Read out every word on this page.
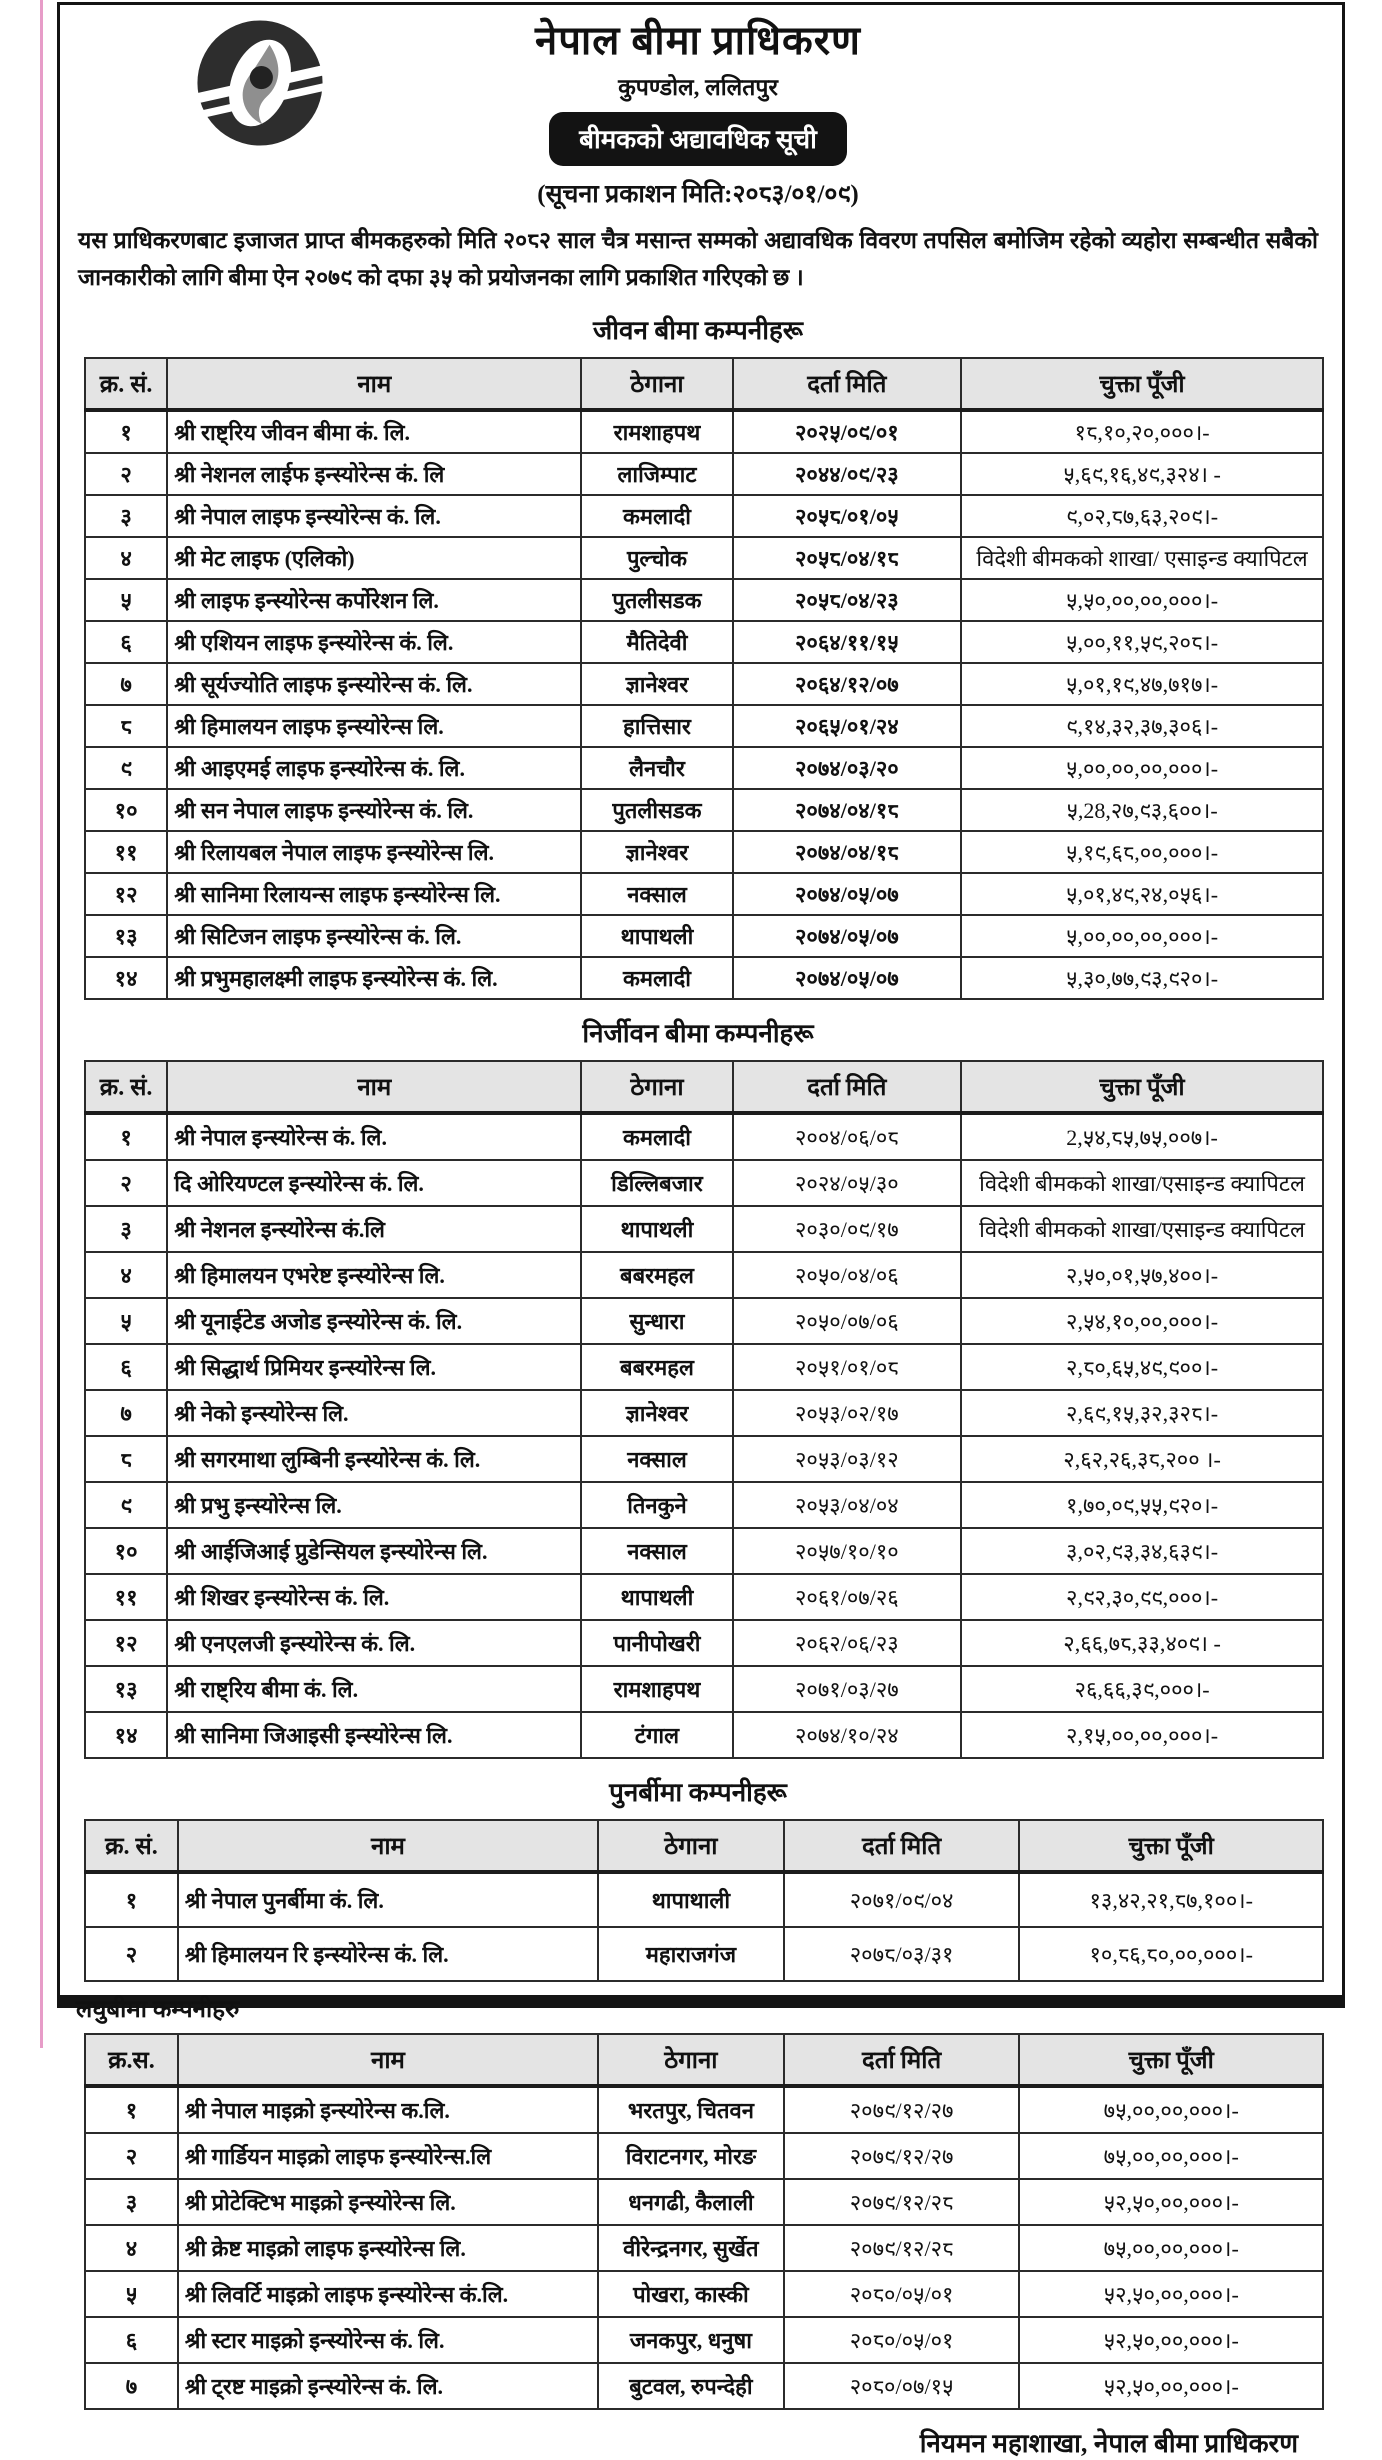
नेपाल बीमा प्राधिकरण
कुपण्डोल, ललितपुर
बीमकको अद्यावधिक सूची
(सूचना प्रकाशन मिति:२०८३/०१/०९)

यस प्राधिकरणबाट इजाजत प्राप्त बीमकहरुको मिति २०८२ साल चैत्र मसान्त सम्मको अद्यावधिक विवरण तपसिल बमोजिम रहेको व्यहोरा सम्बन्धीत सबैको जानकारीको लागि बीमा ऐन २०७९ को दफा ३५ को प्रयोजनका लागि प्रकाशित गरिएको छ ।

जीवन बीमा कम्पनीहरू
क्र. सं.	नाम	ठेगाना	दर्ता मिति	चुक्ता पूँजी
१	श्री राष्ट्रिय जीवन बीमा कं. लि.	रामशाहपथ	२०२५/०९/०१	१८,१०,२०,०००।-
२	श्री नेशनल लाईफ इन्स्योरेन्स कं. लि	लाजिम्पाट	२०४४/०९/२३	५,६९,१६,४९,३२४। -
३	श्री नेपाल लाइफ इन्स्योरेन्स कं. लि.	कमलादी	२०५८/०१/०५	९,०२,८७,६३,२०९।-
४	श्री मेट लाइफ (एलिको)	पुल्चोक	२०५८/०४/१८	विदेशी बीमकको शाखा/ एसाइन्ड क्यापिटल
५	श्री लाइफ इन्स्योरेन्स कर्पोरेशन लि.	पुतलीसडक	२०५८/०४/२३	५,५०,००,००,०००।-
६	श्री एशियन लाइफ इन्स्योरेन्स कं. लि.	मैतिदेवी	२०६४/११/१५	५,००,११,५९,२०८।-
७	श्री सूर्यज्योति लाइफ इन्स्योरेन्स कं. लि.	ज्ञानेश्वर	२०६४/१२/०७	५,०१,१९,४७,७१७।-
८	श्री हिमालयन लाइफ इन्स्योरेन्स लि.	हात्तिसार	२०६५/०१/२४	९,१४,३२,३७,३०६।-
९	श्री आइएमई लाइफ इन्स्योरेन्स कं. लि.	लैनचौर	२०७४/०३/२०	५,००,००,००,०००।-
१०	श्री सन नेपाल लाइफ इन्स्योरेन्स कं. लि.	पुतलीसडक	२०७४/०४/१८	५,28,२७,९३,६००।-
११	श्री रिलायबल नेपाल लाइफ इन्स्योरेन्स लि.	ज्ञानेश्वर	२०७४/०४/१८	५,१९,६८,००,०००।-
१२	श्री सानिमा रिलायन्स लाइफ इन्स्योरेन्स लि.	नक्साल	२०७४/०५/०७	५,०१,४९,२४,०५६।-
१३	श्री सिटिजन लाइफ इन्स्योरेन्स कं. लि.	थापाथली	२०७४/०५/०७	५,००,००,००,०००।-
१४	श्री प्रभुमहालक्ष्मी लाइफ इन्स्योरेन्स कं. लि.	कमलादी	२०७४/०५/०७	५,३०,७७,९३,९२०।-
निर्जीवन बीमा कम्पनीहरू
क्र. सं.	नाम	ठेगाना	दर्ता मिति	चुक्ता पूँजी
१	श्री नेपाल इन्स्योरेन्स कं. लि.	कमलादी	२००४/०६/०८	2,५४,८५,७५,००७।-
२	दि ओरियण्टल इन्स्योरेन्स कं. लि.	डिल्लिबजार	२०२४/०५/३०	विदेशी बीमकको शाखा/एसाइन्ड क्यापिटल
३	श्री नेशनल इन्स्योरेन्स कं.लि	थापाथली	२०३०/०९/१७	विदेशी बीमकको शाखा/एसाइन्ड क्यापिटल
४	श्री हिमालयन एभरेष्ट इन्स्योरेन्स लि.	बबरमहल	२०५०/०४/०६	२,५०,०१,५७,४००।-
५	श्री यूनाईटेड अजोड इन्स्योरेन्स कं. लि.	सुन्धारा	२०५०/०७/०६	२,५४,१०,००,०००।-
६	श्री सिद्धार्थ प्रिमियर इन्स्योरेन्स लि.	बबरमहल	२०५१/०१/०८	२,८०,६५,४९,९००।-
७	श्री नेको इन्स्योरेन्स लि.	ज्ञानेश्वर	२०५३/०२/१७	२,६९,१५,३२,३२८।-
८	श्री सगरमाथा लुम्बिनी इन्स्योरेन्स कं. लि.	नक्साल	२०५३/०३/१२	२,६२,२६,३८,२०० ।-
९	श्री प्रभु इन्स्योरेन्स लि.	तिनकुने	२०५३/०४/०४	१,७०,०९,५५,९२०।-
१०	श्री आईजिआई प्रुडेन्सियल इन्स्योरेन्स लि.	नक्साल	२०५७/१०/१०	३,०२,९३,३४,६३९।-
११	श्री शिखर इन्स्योरेन्स कं. लि.	थापाथली	२०६१/०७/२६	२,९२,३०,९९,०००।-
१२	श्री एनएलजी इन्स्योरेन्स कं. लि.	पानीपोखरी	२०६२/०६/२३	२,६६,७८,३३,४०९। -
१३	श्री राष्ट्रिय बीमा कं. लि.	रामशाहपथ	२०७१/०३/२७	२६,६६,३९,०००।-
१४	श्री सानिमा जिआइसी इन्स्योरेन्स लि.	टंगाल	२०७४/१०/२४	२,१५,००,००,०००।-
पुनर्बीमा कम्पनीहरू
क्र. सं.	नाम	ठेगाना	दर्ता मिति	चुक्ता पूँजी
१	श्री नेपाल पुनर्बीमा कं. लि.	थापाथाली	२०७१/०९/०४	१३,४२,२१,८७,१००।-
२	श्री हिमालयन रि इन्स्योरेन्स कं. लि.	महाराजगंज	२०७८/०३/३१	१०,८६,८०,००,०००।-
लघुबीमा कम्पनीहरु
क्र.स.	नाम	ठेगाना	दर्ता मिति	चुक्ता पूँजी
१	श्री नेपाल माइक्रो इन्स्योरेन्स क.लि.	भरतपुर, चितवन	२०७९/१२/२७	७५,००,००,०००।-
२	श्री गार्डियन माइक्रो लाइफ इन्स्योरेन्स.लि	विराटनगर, मोरङ	२०७९/१२/२७	७५,००,००,०००।-
३	श्री प्रोटेक्टिभ माइक्रो इन्स्योरेन्स लि.	धनगढी, कैलाली	२०७९/१२/२८	५२,५०,००,०००।-
४	श्री क्रेष्ट माइक्रो लाइफ इन्स्योरेन्स लि.	वीरेन्द्रनगर, सुर्खेत	२०७९/१२/२८	७५,००,००,०००।-
५	श्री लिवर्टि माइक्रो लाइफ इन्स्योरेन्स कं.लि.	पोखरा, कास्की	२०८०/०५/०१	५२,५०,००,०००।-
६	श्री स्टार माइक्रो इन्स्योरेन्स कं. लि.	जनकपुर, धनुषा	२०८०/०५/०१	५२,५०,००,०००।-
७	श्री ट्रष्ट माइक्रो इन्स्योरेन्स कं. लि.	बुटवल, रुपन्देही	२०८०/०७/१५	५२,५०,००,०००।-
नियमन महाशाखा, नेपाल बीमा प्राधिकरण
